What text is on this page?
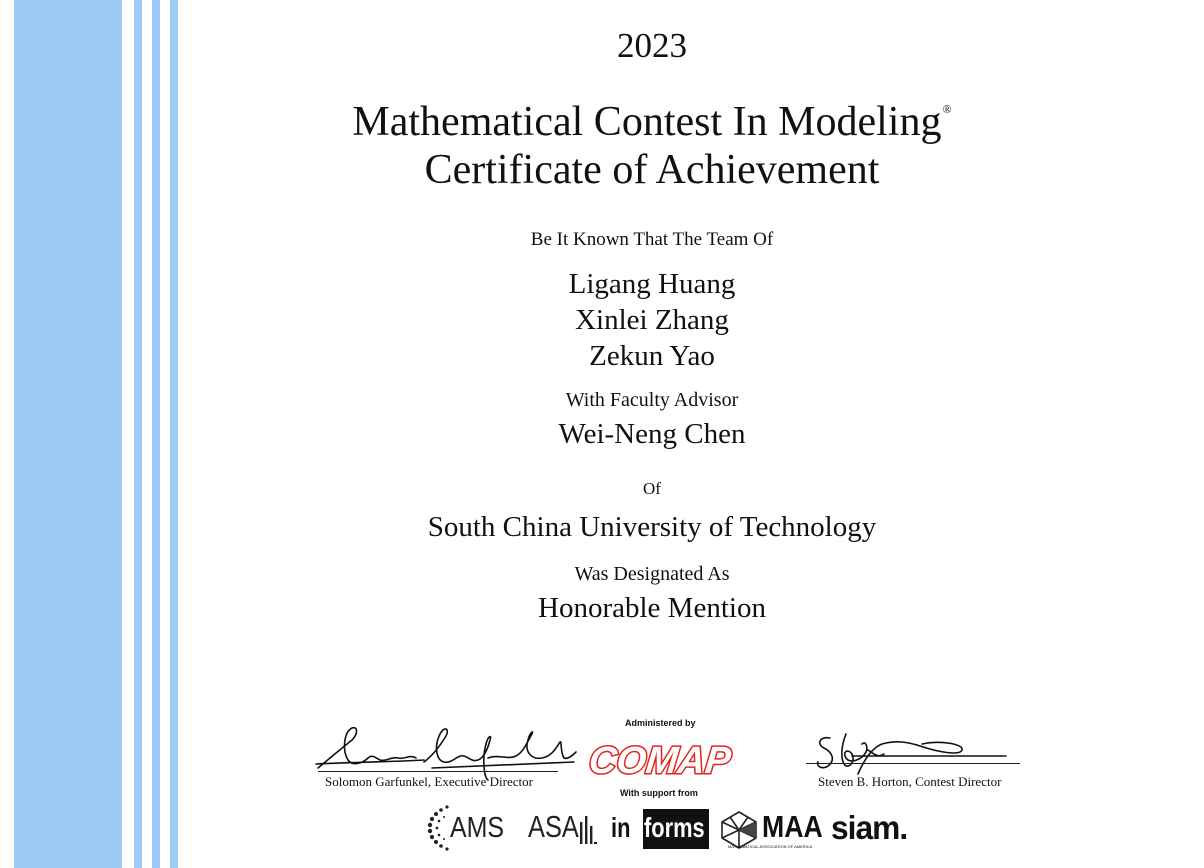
2023
Mathematical Contest In Modeling®
Certificate of Achievement
Be It Known That The Team Of
Ligang Huang
Xinlei Zhang
Zekun Yao
With Faculty Advisor
Wei-Neng Chen
Of
South China University of Technology
Was Designated As
Honorable Mention
Solomon Garfunkel, Executive Director	Steven B. Horton, Contest Director
Administered by
COMAP
With support from
AMS ASA in forms MAA
MATHEMATICAL ASSOCIATION OF AMERICA
siam.
